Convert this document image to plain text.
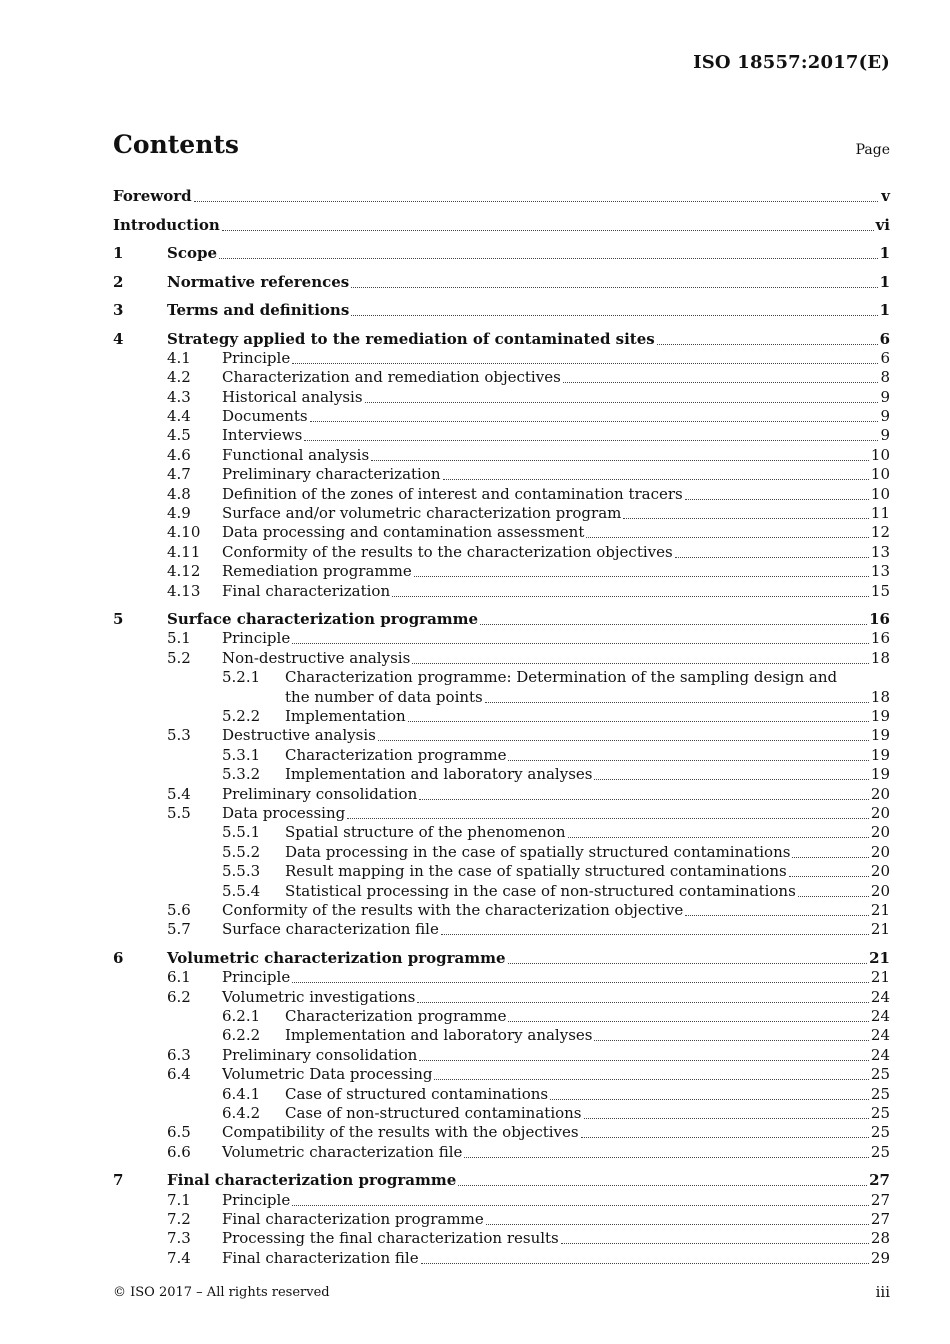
ISO 18557:2017(E)
Contents	Page
Foreword	v
Introduction	vi
1	Scope	1
2	Normative references	1
3	Terms and definitions	1
4	Strategy applied to the remediation of contaminated sites	6
4.1	Principle	6
4.2	Characterization and remediation objectives	8
4.3	Historical analysis	9
4.4	Documents	9
4.5	Interviews	9
4.6	Functional analysis	10
4.7	Preliminary characterization	10
4.8	Definition of the zones of interest and contamination tracers	10
4.9	Surface and/or volumetric characterization program	11
4.10	Data processing and contamination assessment	12
4.11	Conformity of the results to the characterization objectives	13
4.12	Remediation programme	13
4.13	Final characterization	15
5	Surface characterization programme	16
5.1	Principle	16
5.2	Non-destructive analysis	18
5.2.1	Characterization programme: Determination of the sampling design and
the number of data points	18
5.2.2	Implementation	19
5.3	Destructive analysis	19
5.3.1	Characterization programme	19
5.3.2	Implementation and laboratory analyses	19
5.4	Preliminary consolidation	20
5.5	Data processing	20
5.5.1	Spatial structure of the phenomenon	20
5.5.2	Data processing in the case of spatially structured contaminations	20
5.5.3	Result mapping in the case of spatially structured contaminations	20
5.5.4	Statistical processing in the case of non-structured contaminations	20
5.6	Conformity of the results with the characterization objective	21
5.7	Surface characterization file	21
6	Volumetric characterization programme	21
6.1	Principle	21
6.2	Volumetric investigations	24
6.2.1	Characterization programme	24
6.2.2	Implementation and laboratory analyses	24
6.3	Preliminary consolidation	24
6.4	Volumetric Data processing	25
6.4.1	Case of structured contaminations	25
6.4.2	Case of non-structured contaminations	25
6.5	Compatibility of the results with the objectives	25
6.6	Volumetric characterization file	25
7	Final characterization programme	27
7.1	Principle	27
7.2	Final characterization programme	27
7.3	Processing the final characterization results	28
7.4	Final characterization file	29
© ISO 2017 – All rights reserved	iii
